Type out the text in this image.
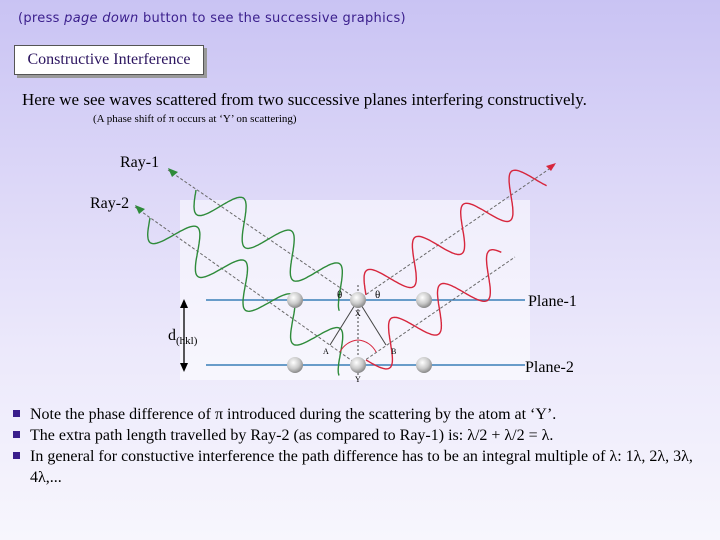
(press page down button to see the successive graphics)
Constructive Interference
Here we see waves scattered from two successive planes interfering constructively.
(A phase shift of π occurs at ‘Y’ on scattering)
Ray-1
Ray-2
Plane-1
Plane-2
$d_{(hkl)}$
θ	θ
X
Y
A	B
Note the phase difference of π introduced during the scattering by the atom at ‘Y’.
The extra path length travelled by Ray-2 (as compared to Ray-1) is: λ/2 + λ/2 = λ.
In general for constuctive interference the path difference has to be an integral multiple of λ: 1λ, 2λ, 3λ, 4λ,...
